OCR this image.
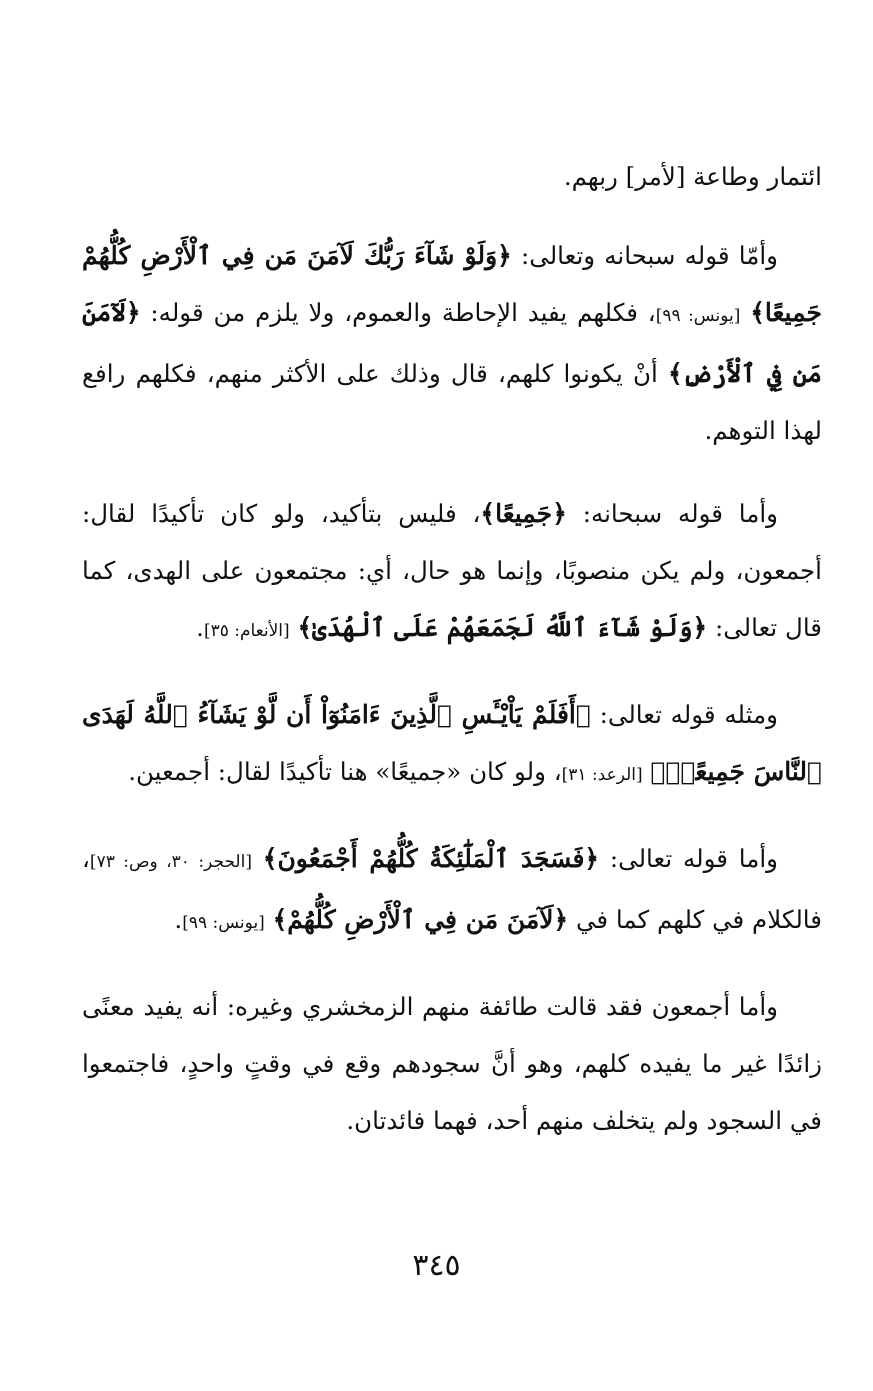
ائتمار وطاعة [لأمر] ربهم.

وأمّا قوله سبحانه وتعالى: ﴿وَلَوْ شَآءَ رَبُّكَ لَآمَنَ مَن فِي ٱلْأَرْضِ كُلُّهُمْ جَمِيعًا﴾ [يونس: ٩٩]، فكلهم يفيد الإحاطة والعموم، ولا يلزم من قوله: ﴿لَآمَنَ مَن فِي ٱلْأَرْضِ﴾ أنْ يكونوا كلهم، قال وذلك على الأكثر منهم، فكلهم رافع لهذا التوهم.

وأما قوله سبحانه: ﴿جَمِيعًا﴾، فليس بتأكيد، ولو كان تأكيدًا لقال: أجمعون، ولم يكن منصوبًا، وإنما هو حال، أي: مجتمعون على الهدى، كما قال تعالى: ﴿وَلَوْ شَآءَ ٱللَّهُ لَجَمَعَهُمْ عَلَى ٱلْهُدَىٰ﴾ [الأنعام: ٣٥].

ومثله قوله تعالى: ﴿أَفَلَمْ يَاْيْـَٔسِ ٱلَّذِينَ ءَامَنُوٓاْ أَن لَّوْ يَشَآءُ ٱللَّهُ لَهَدَى ٱلنَّاسَ جَمِيعًاۗ﴾ [الرعد: ٣١]، ولو كان «جميعًا» هنا تأكيدًا لقال: أجمعين.

وأما قوله تعالى: ﴿فَسَجَدَ ٱلْمَلَٰٓئِكَةُ كُلُّهُمْ أَجْمَعُونَ﴾ [الحجر: ٣٠، وص: ٧٣]، فالكلام في كلهم كما في ﴿لَآمَنَ مَن فِي ٱلْأَرْضِ كُلُّهُمْ﴾ [يونس: ٩٩].

وأما أجمعون فقد قالت طائفة منهم الزمخشري وغيره: أنه يفيد معنًى زائدًا غير ما يفيده كلهم، وهو أنَّ سجودهم وقع في وقتٍ واحدٍ، فاجتمعوا في السجود ولم يتخلف منهم أحد، فهما فائدتان.

٣٤٥
